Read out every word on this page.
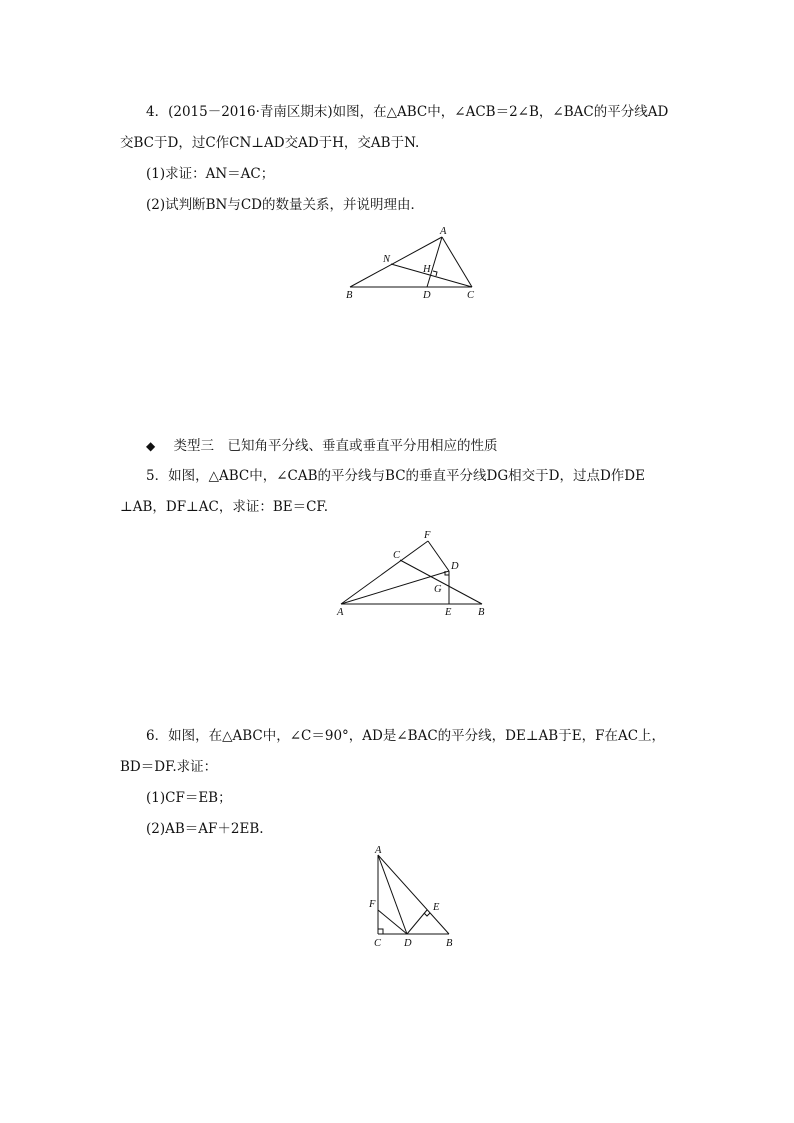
4．(2015－2016·青南区期末)如图，在△ABC中，∠ACB＝2∠B，∠BAC的平分线AD
交BC于D，过C作CN⊥AD交AD于H，交AB于N.
(1)求证：AN＝AC；
(2)试判断BN与CD的数量关系，并说明理由．
A
N
H
B	D	C
◆ 类型三　已知角平分线、垂直或垂直平分用相应的性质
5．如图，△ABC中，∠CAB的平分线与BC的垂直平分线DG相交于D，过点D作DE
⊥AB，DF⊥AC，求证：BE＝CF.
F
C
D
G
A	E	B
6．如图，在△ABC中，∠C＝90°，AD是∠BAC的平分线，DE⊥AB于E，F在AC上，
BD＝DF.求证：
(1)CF＝EB；
(2)AB＝AF＋2EB.
A
F	E
C D	B
